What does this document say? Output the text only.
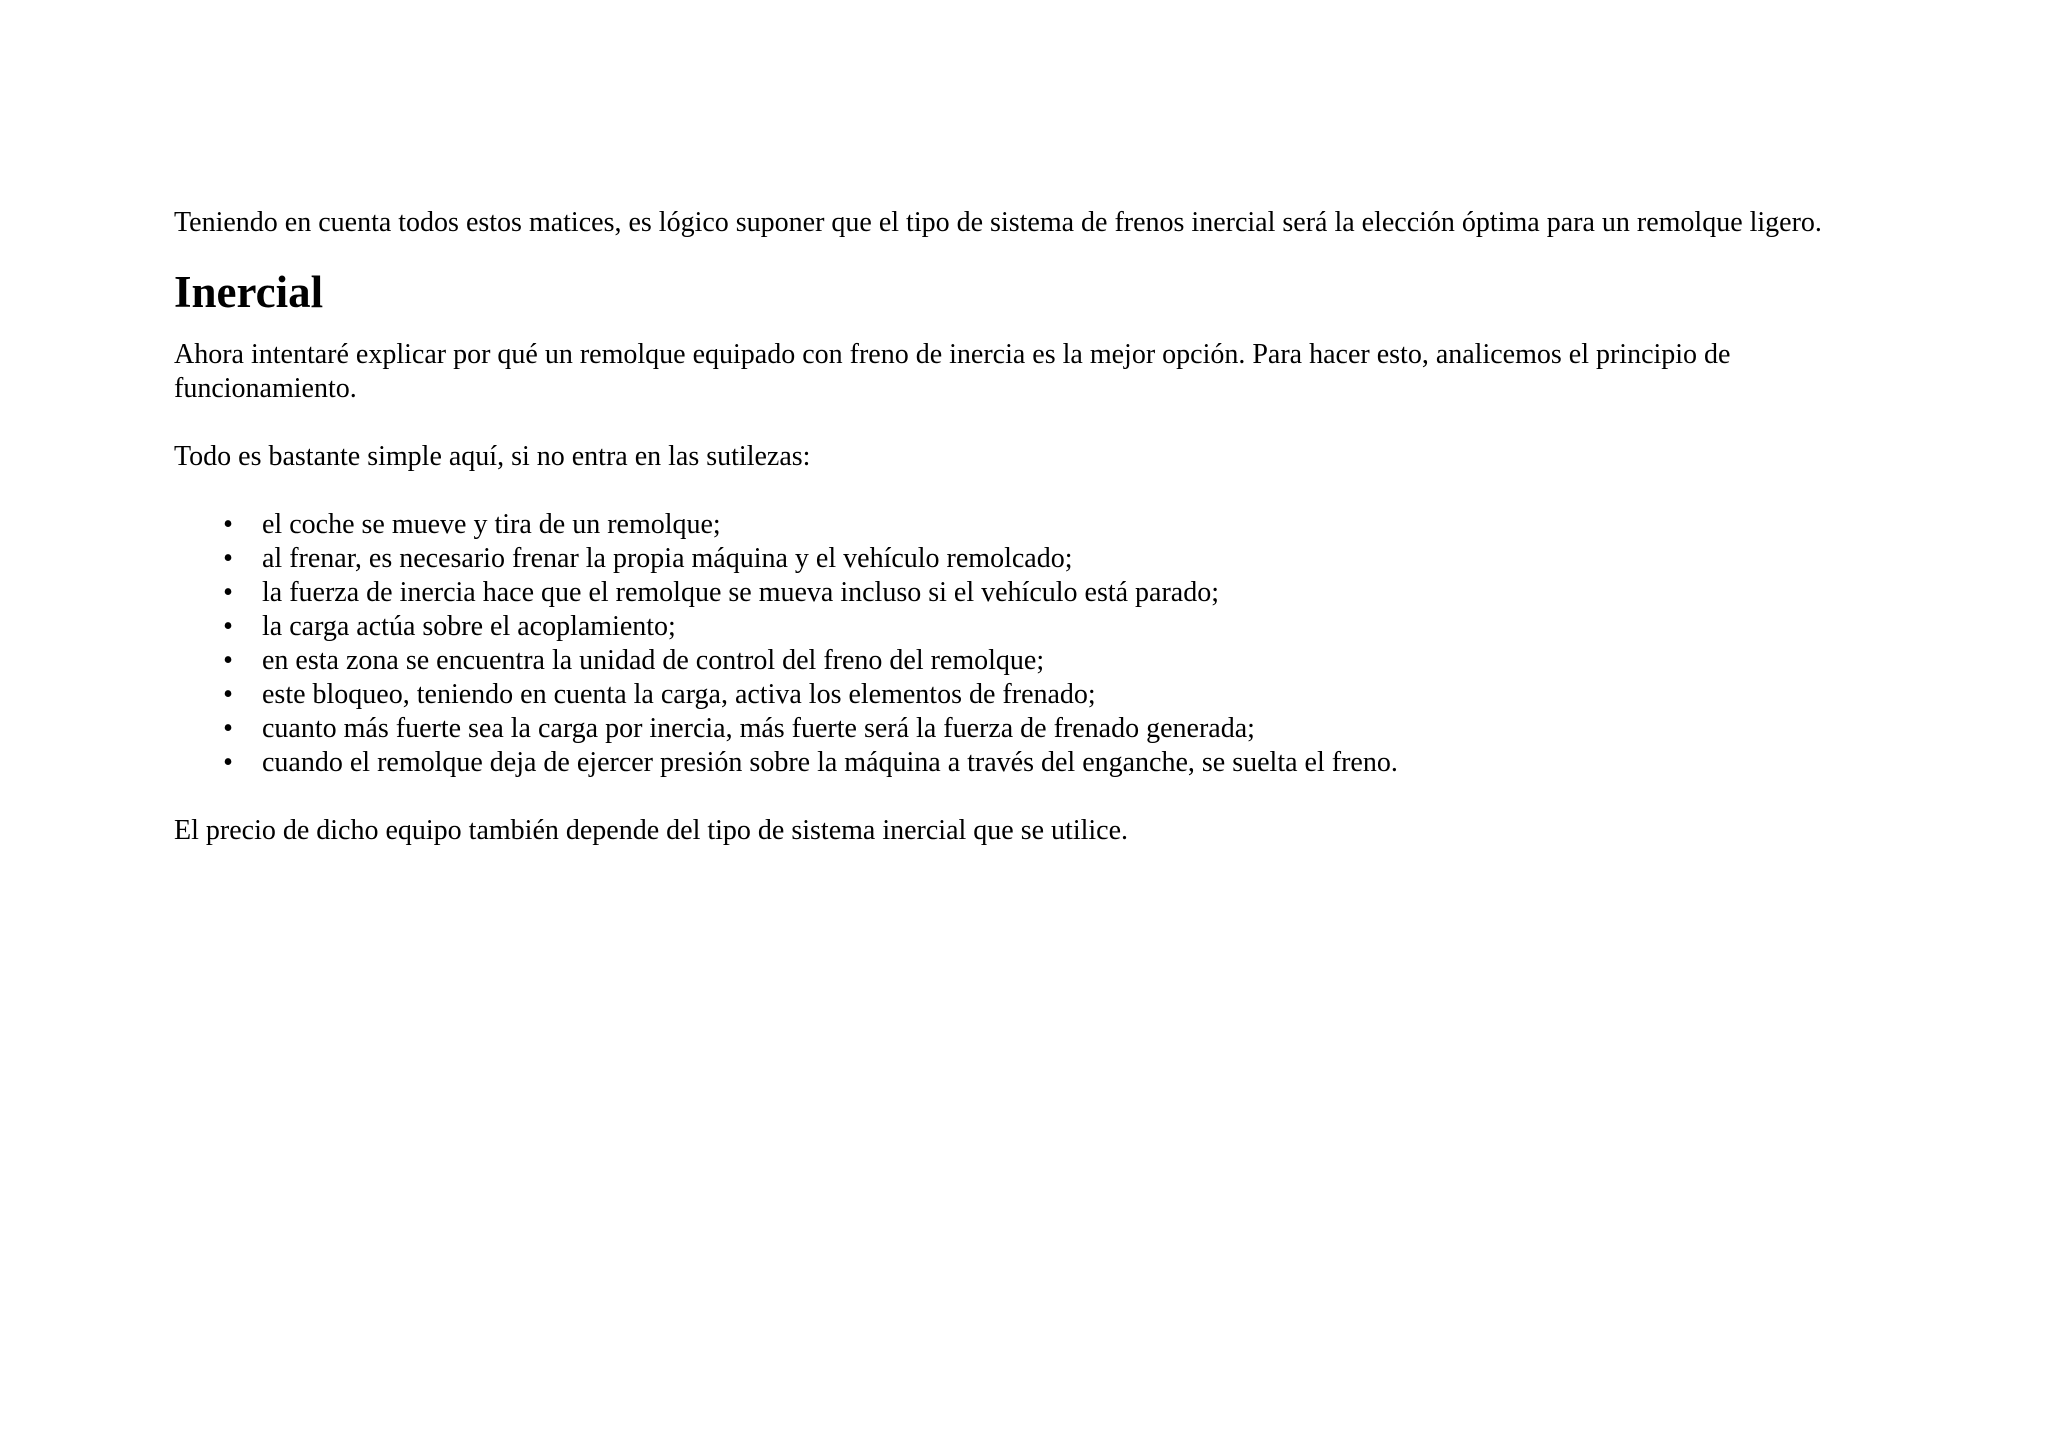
Teniendo en cuenta todos estos matices, es lógico suponer que el tipo de sistema de frenos inercial será la elección óptima para un remolque ligero.

Inercial

Ahora intentaré explicar por qué un remolque equipado con freno de inercia es la mejor opción. Para hacer esto, analicemos el principio de funcionamiento.

Todo es bastante simple aquí, si no entra en las sutilezas:

• el coche se mueve y tira de un remolque;
• al frenar, es necesario frenar la propia máquina y el vehículo remolcado;
• la fuerza de inercia hace que el remolque se mueva incluso si el vehículo está parado;
• la carga actúa sobre el acoplamiento;
• en esta zona se encuentra la unidad de control del freno del remolque;
• este bloqueo, teniendo en cuenta la carga, activa los elementos de frenado;
• cuanto más fuerte sea la carga por inercia, más fuerte será la fuerza de frenado generada;
• cuando el remolque deja de ejercer presión sobre la máquina a través del enganche, se suelta el freno.

El precio de dicho equipo también depende del tipo de sistema inercial que se utilice.
